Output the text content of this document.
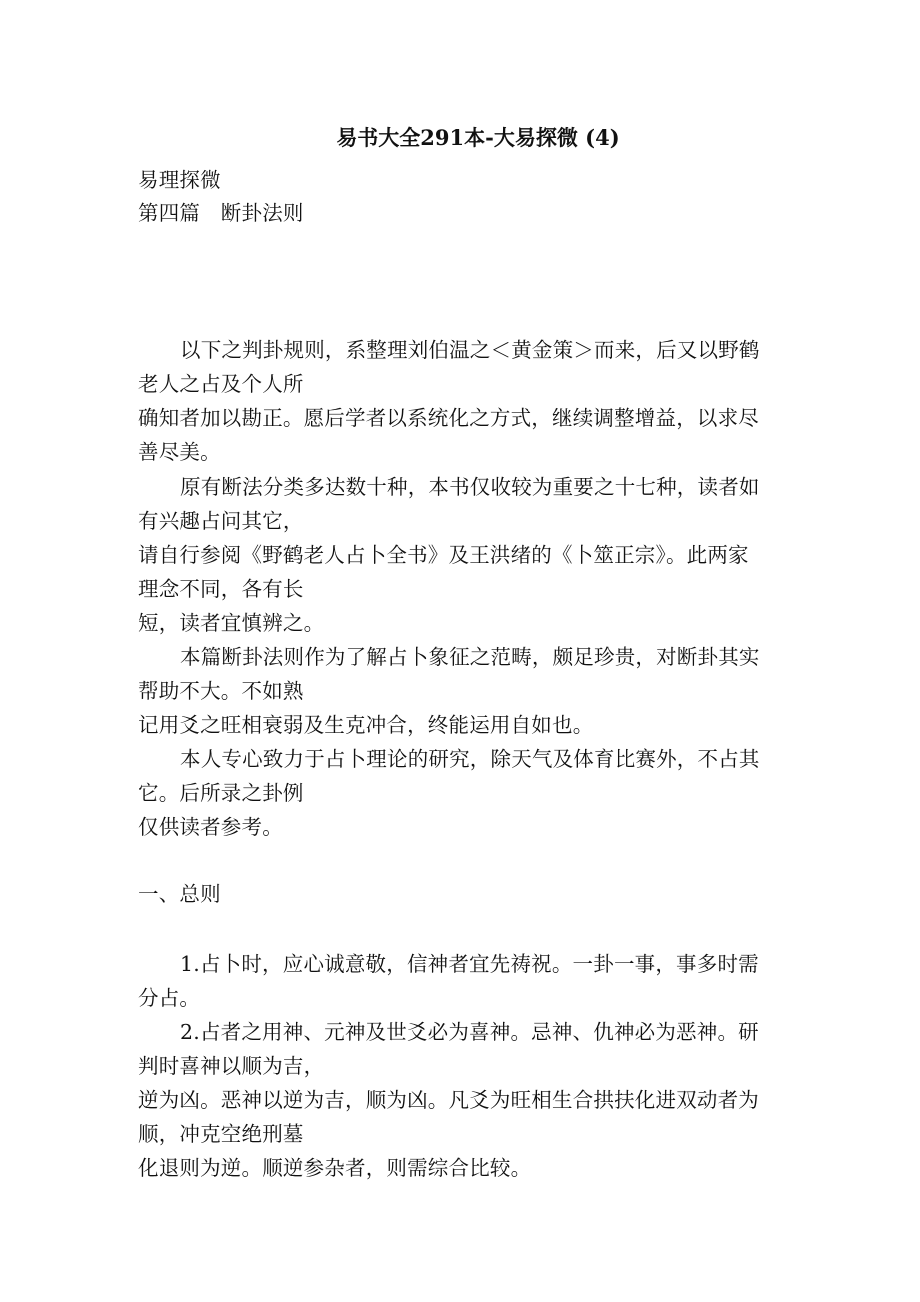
易书大全291本-大易探微 (4)
易理探微
第四篇　断卦法则
以下之判卦规则，系整理刘伯温之＜黄金策＞而来，后又以野鹤
老人之占及个人所
确知者加以勘正。愿后学者以系统化之方式，继续调整增益，以求尽
善尽美。
原有断法分类多达数十种，本书仅收较为重要之十七种，读者如
有兴趣占问其它，
请自行参阅《野鹤老人占卜全书》及王洪绪的《卜筮正宗》。此两家
理念不同，各有长
短，读者宜慎辨之。
本篇断卦法则作为了解占卜象征之范畴，颇足珍贵，对断卦其实
帮助不大。不如熟
记用爻之旺相衰弱及生克冲合，终能运用自如也。
本人专心致力于占卜理论的研究，除天气及体育比赛外，不占其
它。后所录之卦例
仅供读者参考。
一、总则
1.占卜时，应心诚意敬，信神者宜先祷祝。一卦一事，事多时需
分占。
2.占者之用神、元神及世爻必为喜神。忌神、仇神必为恶神。研
判时喜神以顺为吉，
逆为凶。恶神以逆为吉，顺为凶。凡爻为旺相生合拱扶化进双动者为
顺，冲克空绝刑墓
化退则为逆。顺逆参杂者，则需综合比较。
